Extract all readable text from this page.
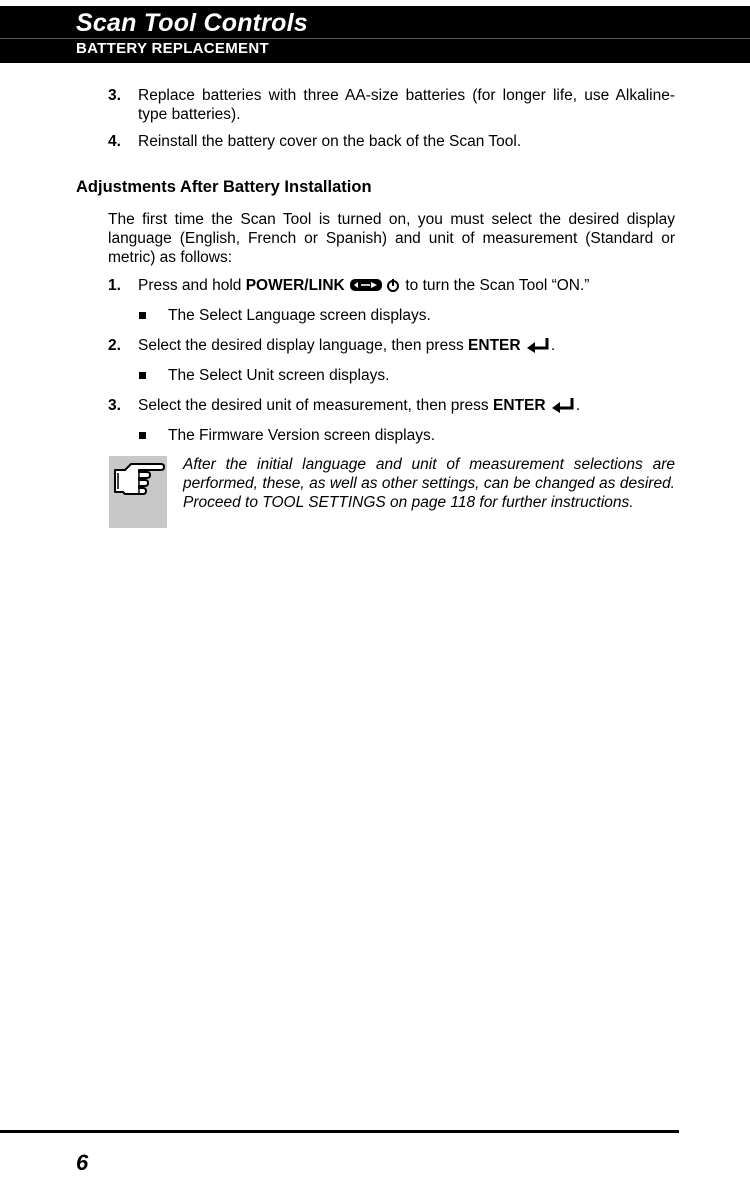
Scan Tool Controls
BATTERY REPLACEMENT
3. Replace batteries with three AA-size batteries (for longer life, use Alkaline-type batteries).
4. Reinstall the battery cover on the back of the Scan Tool.
Adjustments After Battery Installation
The first time the Scan Tool is turned on, you must select the desired display language (English, French or Spanish) and unit of measurement (Standard or metric) as follows:
1. Press and hold POWER/LINK	to turn the Scan Tool “ON.”
The Select Language screen displays.
2. Select the desired display language, then press ENTER .
The Select Unit screen displays.
3. Select the desired unit of measurement, then press ENTER .
The Firmware Version screen displays.
After the initial language and unit of measurement selections are performed, these, as well as other settings, can be changed as desired. Proceed to TOOL SETTINGS on page 118 for further instructions.
6
